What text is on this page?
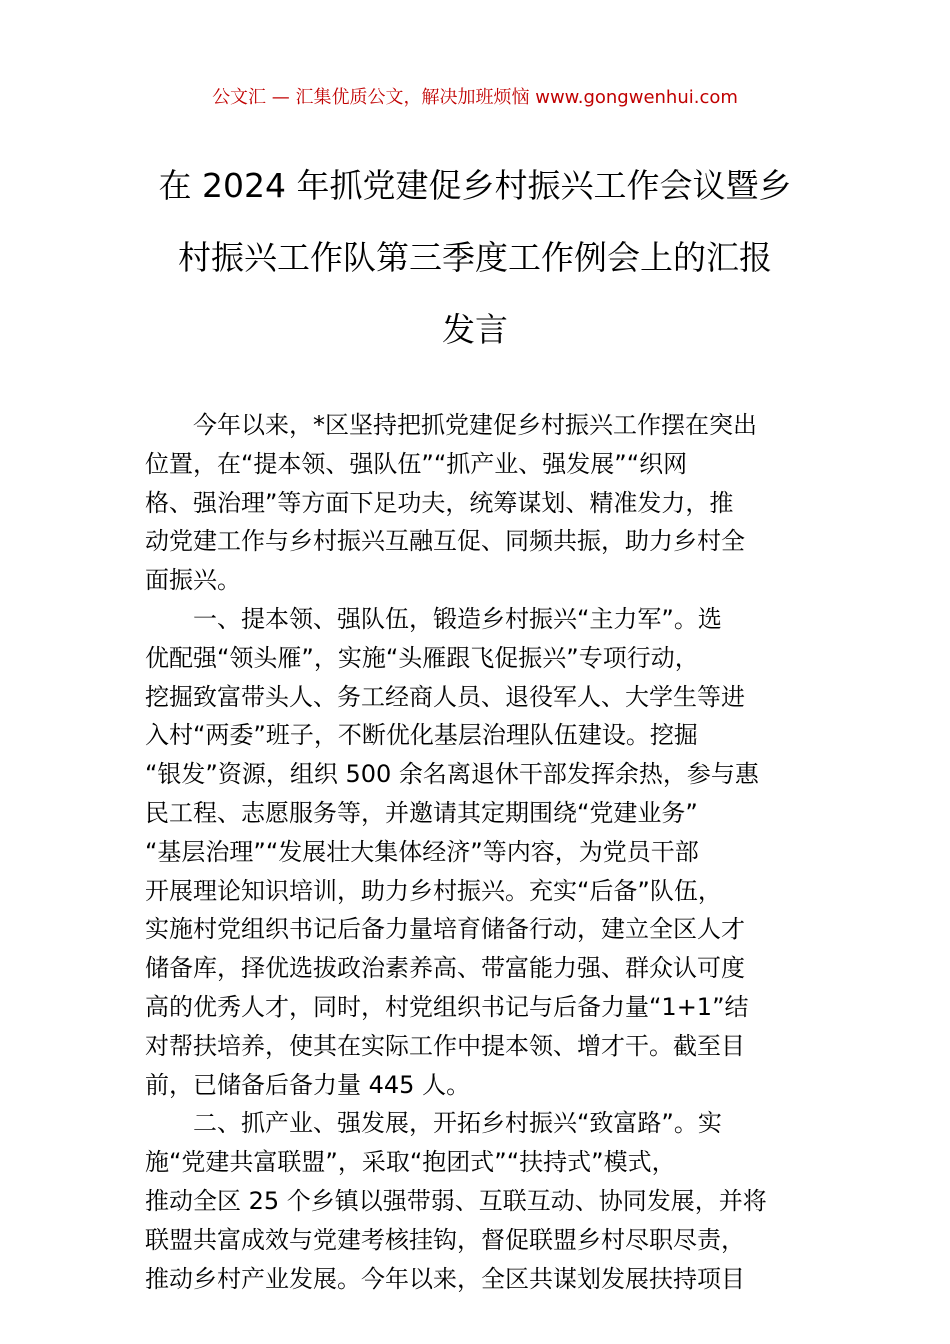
公文汇 — 汇集优质公文，解决加班烦恼 www.gongwenhui.com
在 2024 年抓党建促乡村振兴工作会议暨乡
村振兴工作队第三季度工作例会上的汇报
发言
　　今年以来，*区坚持把抓党建促乡村振兴工作摆在突出
位置，在“提本领、强队伍”“抓产业、强发展”“织网
格、强治理”等方面下足功夫，统筹谋划、精准发力，推
动党建工作与乡村振兴互融互促、同频共振，助力乡村全
面振兴。
　　一、提本领、强队伍，锻造乡村振兴“主力军”。选
优配强“领头雁”，实施“头雁跟飞促振兴”专项行动，
挖掘致富带头人、务工经商人员、退役军人、大学生等进
入村“两委”班子，不断优化基层治理队伍建设。挖掘
“银发”资源，组织 500 余名离退休干部发挥余热，参与惠
民工程、志愿服务等，并邀请其定期围绕“党建业务”
“基层治理”“发展壮大集体经济”等内容，为党员干部
开展理论知识培训，助力乡村振兴。充实“后备”队伍，
实施村党组织书记后备力量培育储备行动，建立全区人才
储备库，择优选拔政治素养高、带富能力强、群众认可度
高的优秀人才，同时，村党组织书记与后备力量“1+1”结
对帮扶培养，使其在实际工作中提本领、增才干。截至目
前，已储备后备力量 445 人。
　　二、抓产业、强发展，开拓乡村振兴“致富路”。实
施“党建共富联盟”，采取“抱团式”“扶持式”模式，
推动全区 25 个乡镇以强带弱、互联互动、协同发展，并将
联盟共富成效与党建考核挂钩，督促联盟乡村尽职尽责，
推动乡村产业发展。今年以来，全区共谋划发展扶持项目
